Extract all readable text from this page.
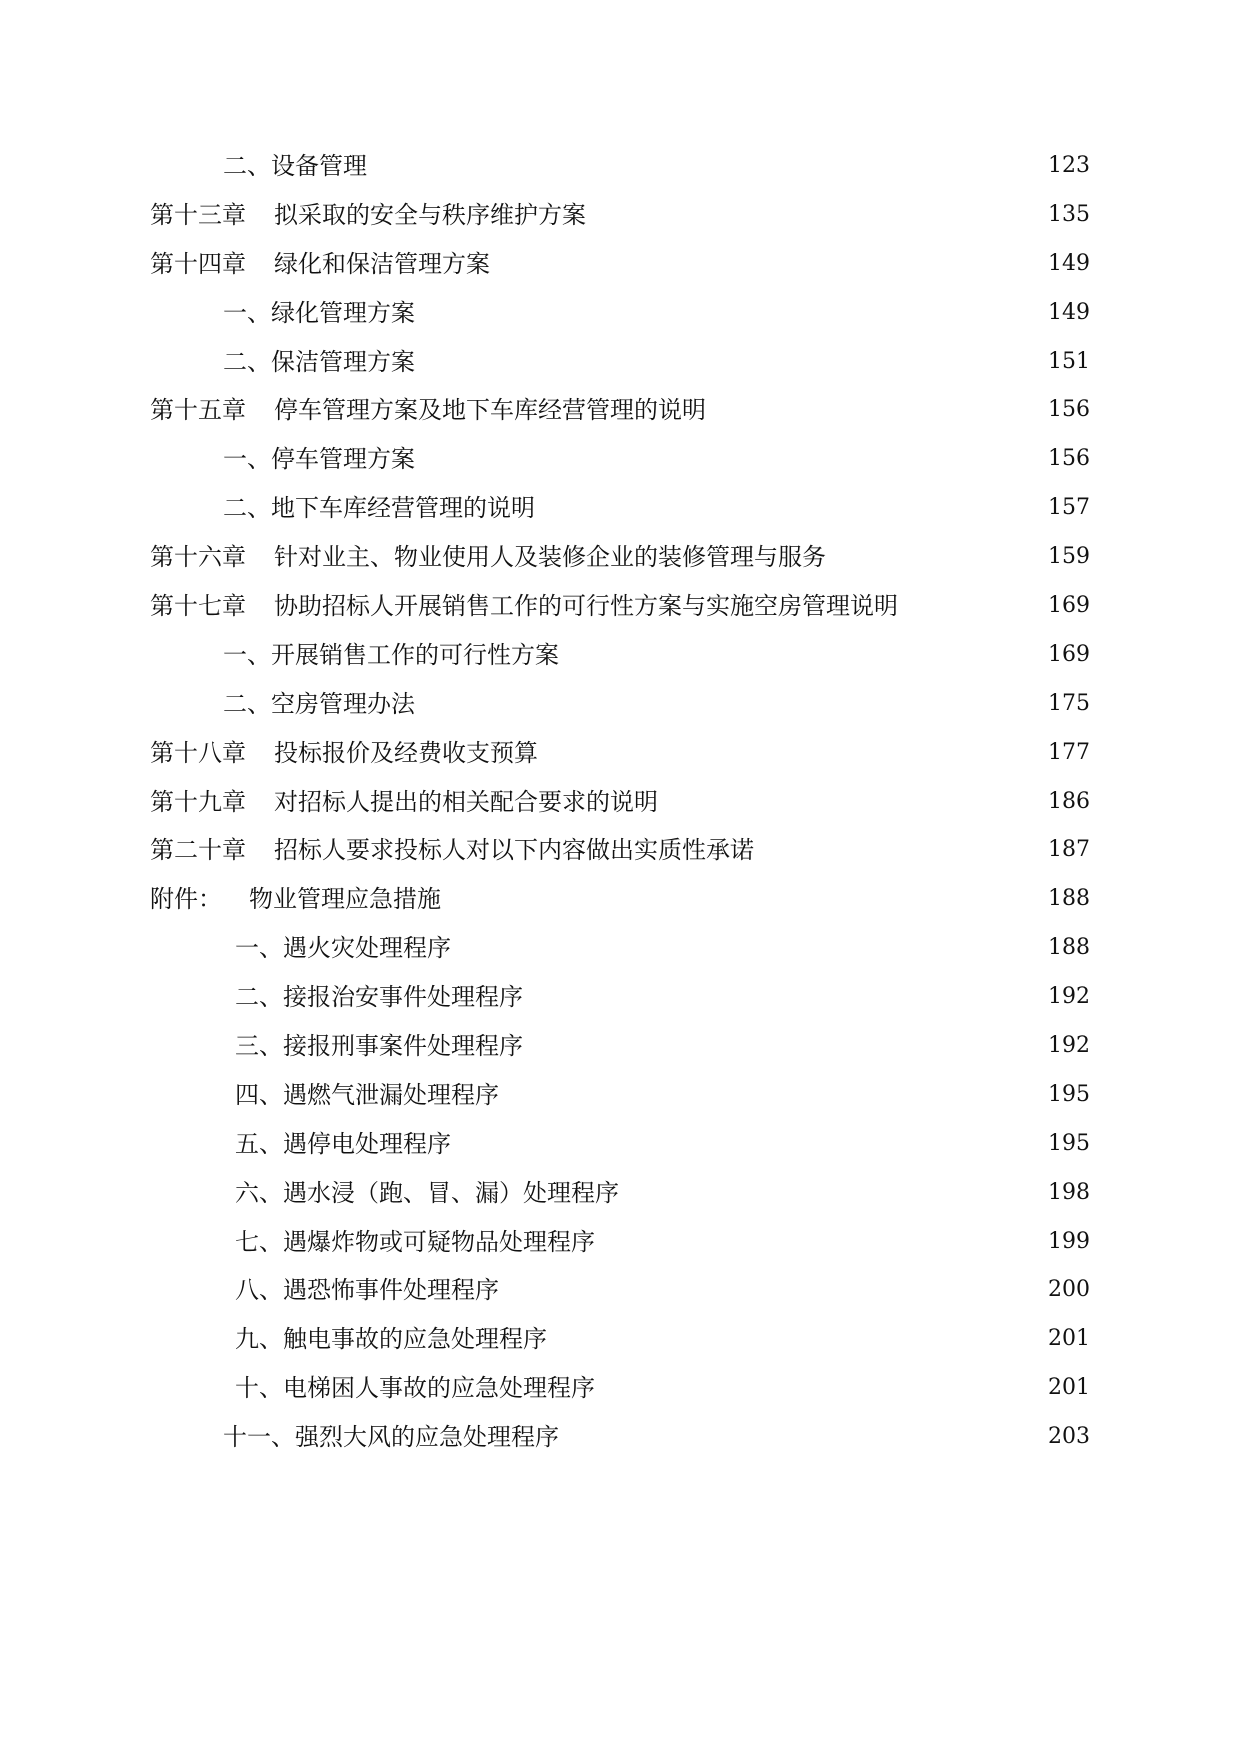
二、设备管理	123
第十三章 拟采取的安全与秩序维护方案	135
第十四章 绿化和保洁管理方案	149
一、绿化管理方案	149
二、保洁管理方案	151
第十五章 停车管理方案及地下车库经营管理的说明	156
一、停车管理方案	156
二、地下车库经营管理的说明	157
第十六章 针对业主、物业使用人及装修企业的装修管理与服务	159
第十七章 协助招标人开展销售工作的可行性方案与实施空房管理说明	169
一、开展销售工作的可行性方案	169
二、空房管理办法	175
第十八章 投标报价及经费收支预算	177
第十九章 对招标人提出的相关配合要求的说明	186
第二十章 招标人要求投标人对以下内容做出实质性承诺	187
附件： 物业管理应急措施	188
一、遇火灾处理程序	188
二、接报治安事件处理程序	192
三、接报刑事案件处理程序	192
四、遇燃气泄漏处理程序	195
五、遇停电处理程序	195
六、遇水浸（跑、冒、漏）处理程序	198
七、遇爆炸物或可疑物品处理程序	199
八、遇恐怖事件处理程序	200
九、触电事故的应急处理程序	201
十、电梯困人事故的应急处理程序	201
十一、强烈大风的应急处理程序	203
